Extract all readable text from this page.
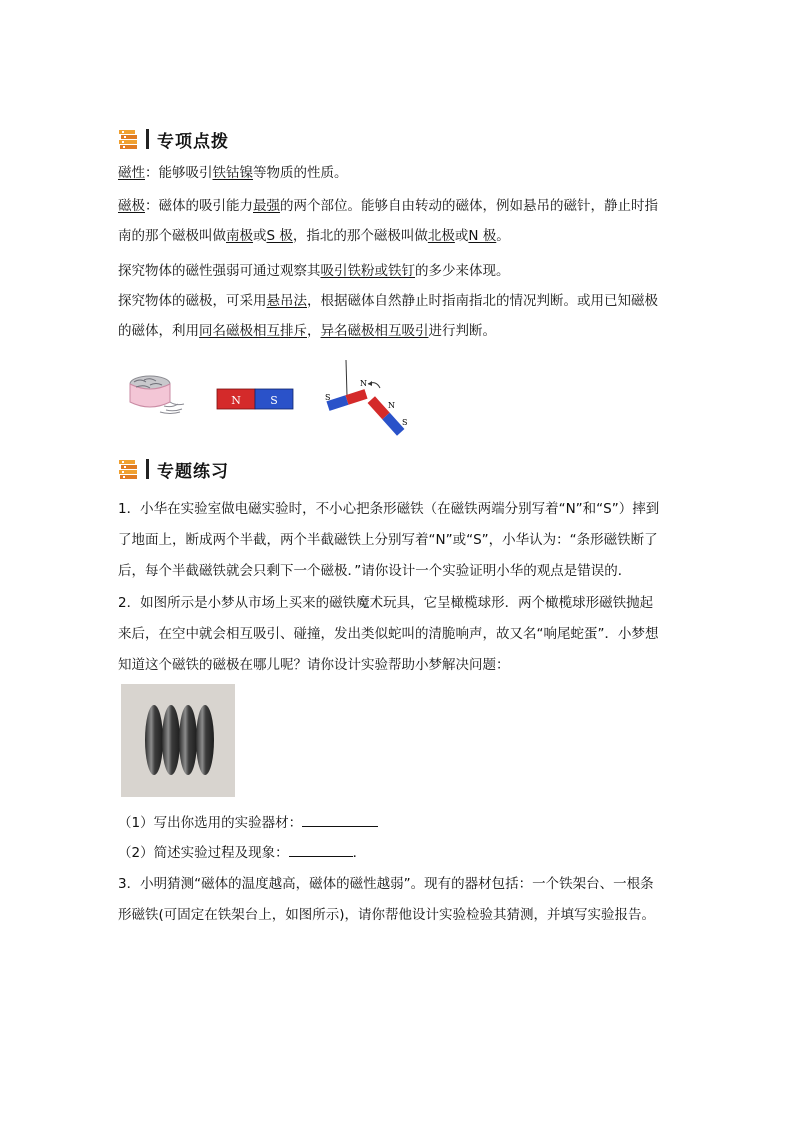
专项点拨

磁性：能够吸引铁钴镍等物质的性质。

磁极：磁体的吸引能力最强的两个部位。能够自由转动的磁体，例如悬吊的磁针，静止时指
南的那个磁极叫做南极或S 极，指北的那个磁极叫做北极或N 极。

探究物体的磁性强弱可通过观察其吸引铁粉或铁钉的多少来体现。

探究物体的磁极，可采用悬吊法，根据磁体自然静止时指南指北的情况判断。或用已知磁极
的磁体，利用同名磁极相互排斥，异名磁极相互吸引进行判断。

N	S	S
N
N
S
专题练习

1．小华在实验室做电磁实验时，不小心把条形磁铁（在磁铁两端分别写着“N”和“S”）摔到
了地面上，断成两个半截，两个半截磁铁上分别写着“N”或“S”，小华认为：“条形磁铁断了
后，每个半截磁铁就会只剩下一个磁极．”请你设计一个实验证明小华的观点是错误的．

2．如图所示是小梦从市场上买来的磁铁魔术玩具，它呈橄榄球形．两个橄榄球形磁铁抛起
来后，在空中就会相互吸引、碰撞，发出类似蛇叫的清脆响声，故又名“响尾蛇蛋”．小梦想
知道这个磁铁的磁极在哪儿呢？请你设计实验帮助小梦解决问题：

（1）写出你选用的实验器材：

（2）简述实验过程及现象：	．

3．小明猜测“磁体的温度越高，磁体的磁性越弱”。现有的器材包括：一个铁架台、一根条
形磁铁(可固定在铁架台上，如图所示)，请你帮他设计实验检验其猜测，并填写实验报告。
